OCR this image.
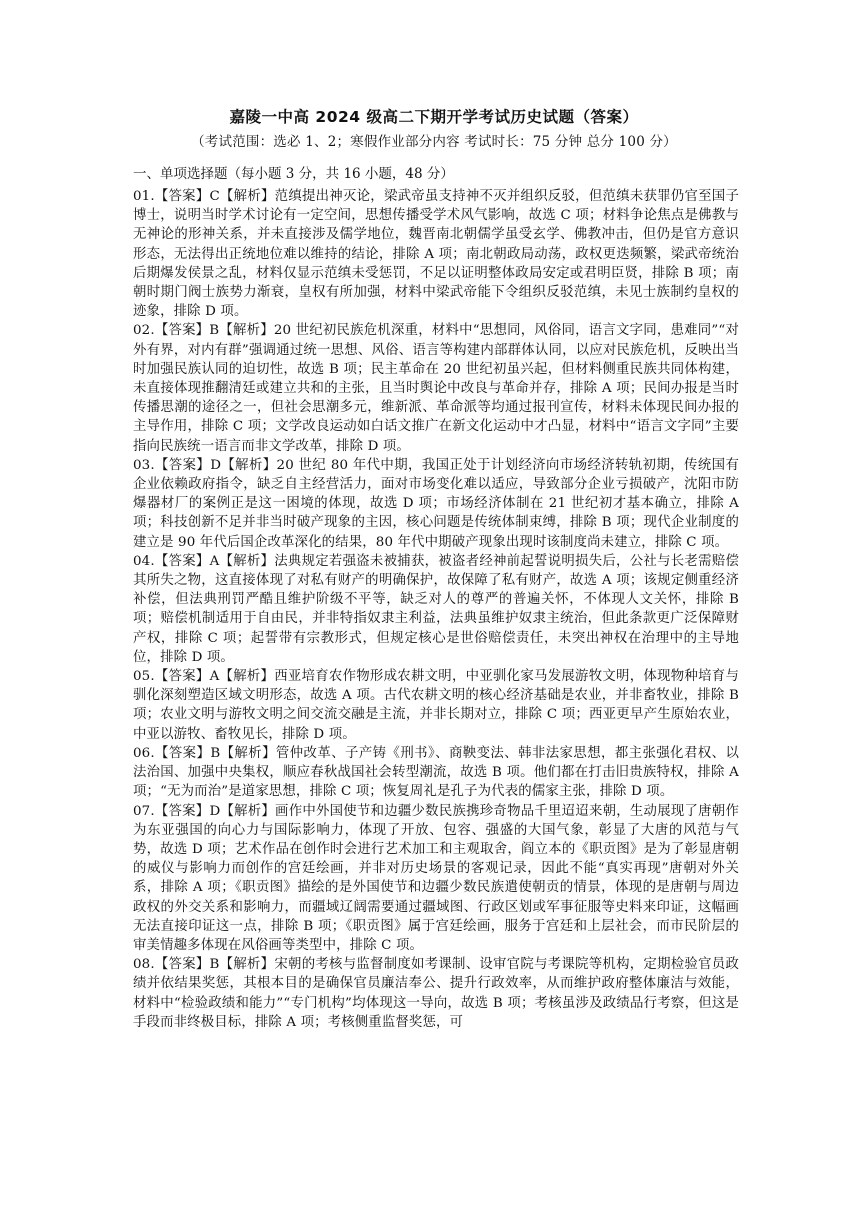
嘉陵一中高 2024 级高二下期开学考试历史试题（答案）
（考试范围：选必 1、2；寒假作业部分内容 考试时长：75 分钟 总分 100 分）
一、单项选择题（每小题 3 分，共 16 小题，48 分）

01.【答案】C【解析】范缜提出神灭论，梁武帝虽支持神不灭并组织反驳，但范缜未获罪仍官至国子博士，说明当时学术讨论有一定空间，思想传播受学术风气影响，故选 C 项；材料争论焦点是佛教与无神论的形神关系，并未直接涉及儒学地位，魏晋南北朝儒学虽受玄学、佛教冲击，但仍是官方意识形态，无法得出正统地位难以维持的结论，排除 A 项；南北朝政局动荡，政权更迭频繁，梁武帝统治后期爆发侯景之乱，材料仅显示范缜未受惩罚，不足以证明整体政局安定或君明臣贤，排除 B 项；南朝时期门阀士族势力渐衰，皇权有所加强，材料中梁武帝能下令组织反驳范缜，未见士族制约皇权的迹象，排除 D 项。

02.【答案】B【解析】20 世纪初民族危机深重，材料中“思想同，风俗同，语言文字同，患难同”“对外有界，对内有群”强调通过统一思想、风俗、语言等构建内部群体认同，以应对民族危机，反映出当时加强民族认同的迫切性，故选 B 项；民主革命在 20 世纪初虽兴起，但材料侧重民族共同体构建，未直接体现推翻清廷或建立共和的主张，且当时舆论中改良与革命并存，排除 A 项；民间办报是当时传播思潮的途径之一，但社会思潮多元，维新派、革命派等均通过报刊宣传，材料未体现民间办报的主导作用，排除 C 项；文学改良运动如白话文推广在新文化运动中才凸显，材料中“语言文字同”主要指向民族统一语言而非文学改革，排除 D 项。

03.【答案】D【解析】20 世纪 80 年代中期，我国正处于计划经济向市场经济转轨初期，传统国有企业依赖政府指令，缺乏自主经营活力，面对市场变化难以适应，导致部分企业亏损破产，沈阳市防爆器材厂的案例正是这一困境的体现，故选 D 项；市场经济体制在 21 世纪初才基本确立，排除 A 项；科技创新不足并非当时破产现象的主因，核心问题是传统体制束缚，排除 B 项；现代企业制度的建立是 90 年代后国企改革深化的结果，80 年代中期破产现象出现时该制度尚未建立，排除 C 项。

04.【答案】A【解析】法典规定若强盗未被捕获，被盗者经神前起誓说明损失后，公社与长老需赔偿其所失之物，这直接体现了对私有财产的明确保护，故保障了私有财产，故选 A 项；该规定侧重经济补偿，但法典刑罚严酷且维护阶级不平等，缺乏对人的尊严的普遍关怀，不体现人文关怀，排除 B 项；赔偿机制适用于自由民，并非特指奴隶主利益，法典虽维护奴隶主统治，但此条款更广泛保障财产权，排除 C 项；起誓带有宗教形式，但规定核心是世俗赔偿责任，未突出神权在治理中的主导地位，排除 D 项。

05.【答案】A【解析】西亚培育农作物形成农耕文明，中亚驯化家马发展游牧文明，体现物种培育与驯化深刻塑造区域文明形态，故选 A 项。古代农耕文明的核心经济基础是农业，并非畜牧业，排除 B 项；农业文明与游牧文明之间交流交融是主流，并非长期对立，排除 C 项；西亚更早产生原始农业，中亚以游牧、畜牧见长，排除 D 项。

06.【答案】B【解析】管仲改革、子产铸《刑书》、商鞅变法、韩非法家思想，都主张强化君权、以法治国、加强中央集权，顺应春秋战国社会转型潮流，故选 B 项。他们都在打击旧贵族特权，排除 A 项；“无为而治”是道家思想，排除 C 项；恢复周礼是孔子为代表的儒家主张，排除 D 项。

07.【答案】D【解析】画作中外国使节和边疆少数民族携珍奇物品千里迢迢来朝，生动展现了唐朝作为东亚强国的向心力与国际影响力，体现了开放、包容、强盛的大国气象，彰显了大唐的风范与气势，故选 D 项；艺术作品在创作时会进行艺术加工和主观取舍，阎立本的《职贡图》是为了彰显唐朝的威仪与影响力而创作的宫廷绘画，并非对历史场景的客观记录，因此不能“真实再现”唐朝对外关系，排除 A 项；《职贡图》描绘的是外国使节和边疆少数民族遣使朝贡的情景，体现的是唐朝与周边政权的外交关系和影响力，而疆域辽阔需要通过疆域图、行政区划或军事征服等史料来印证，这幅画无法直接印证这一点，排除 B 项；《职贡图》属于宫廷绘画，服务于宫廷和上层社会，而市民阶层的审美情趣多体现在风俗画等类型中，排除 C 项。

08.【答案】B【解析】宋朝的考核与监督制度如考课制、设审官院与考课院等机构，定期检验官员政绩并依结果奖惩，其根本目的是确保官员廉洁奉公、提升行政效率，从而维护政府整体廉洁与效能，材料中“检验政绩和能力”“专门机构”均体现这一导向，故选 B 项；考核虽涉及政绩品行考察，但这是手段而非终极目标，排除 A 项；考核侧重监督奖惩，可
